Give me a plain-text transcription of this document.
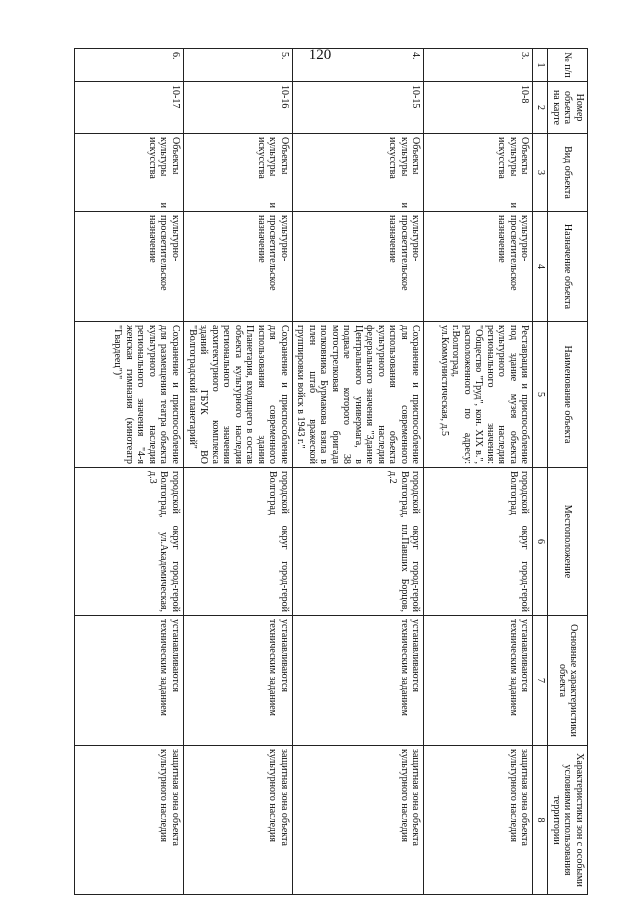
120	№ п/п	Номер объекта на карте	Вид объекта	Назначение объекта	Наименование объекта	Местоположение	Основные характеристики объекта	Характеристики зон с особыми условиями использования территории
1	2	3	4	5	6	7	8
3.	10-8	Объекты культуры и искусства	культурно-просветительское назначение	Реставрация и приспособление под здание музея объекта культурного наследия регионального значения: "Общество "Труд", кон. XIX в.", расположенного по адресу: г.Волгоград, ул.Коммунистическая, д.5	городской округ город-герой Волгоград	устанавливаются техническим заданием	защитная зона объекта культурного наследия
4.	10-15	Объекты культуры и искусства	культурно-просветительское назначение	Сохранение и приспособление для современного использования объекта культурного наследия федерального значения "Здание Центрального универмага, в подвале которого 38 мотострелковая бригада полковника Бурмакова взяла в плен штаб вражеской группировки войск в 1943 г."	городской округ город-герой Волгоград, пл.Павших Борцов, д.2	устанавливаются техническим заданием	защитная зона объекта культурного наследия
5.	10-16	Объекты культуры и искусства	культурно-просветительское назначение	Сохранение и приспособление для современного использования здания Планетария, входящего в состав объекта культурного наследия регионального значения архитектурного комплекса зданий ГБУК ВО "Волгоградский планетарий"	городской округ город-герой Волгоград	устанавливаются техническим заданием	защитная зона объекта культурного наследия
6.	10-17	Объекты культуры и искусства	культурно-просветительское назначение	Сохранение и приспособление для размещения театра объекта культурного наследия регионального значения "4-я женская гимназия (кинотеатр "Гвардеец")"	городской округ город-герой Волгоград, ул.Академическая, д.3	устанавливаются техническим заданием	защитная зона объекта культурного наследия
